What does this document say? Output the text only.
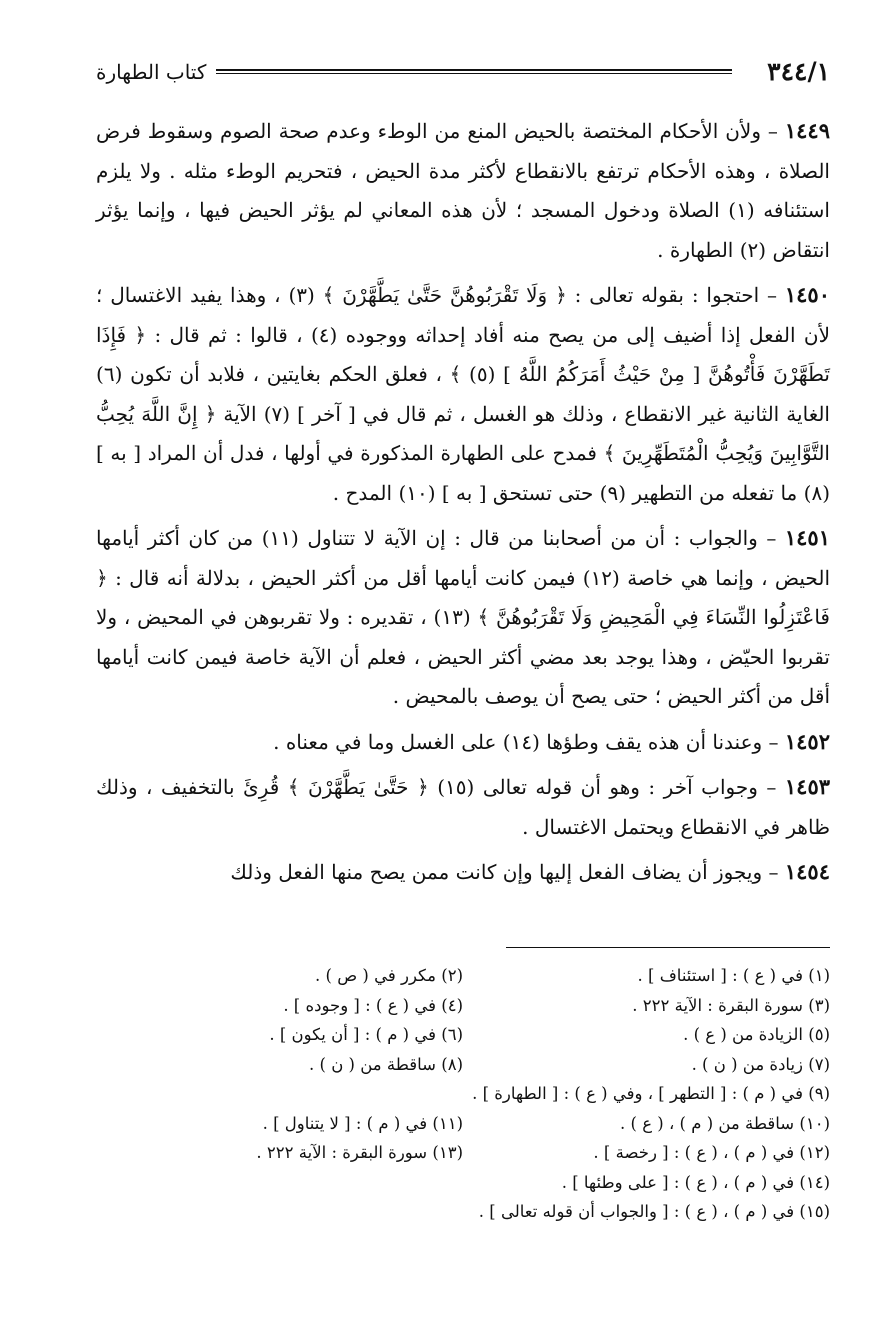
٣٤٤/١
كتاب الطهارة

١٤٤٩ – ولأن الأحكام المختصة بالحيض المنع من الوطء وعدم صحة الصوم وسقوط فرض الصلاة ، وهذه الأحكام ترتفع بالانقطاع لأكثر مدة الحيض ، فتحريم الوطء مثله . ولا يلزم استئنافه (١) الصلاة ودخول المسجد ؛ لأن هذه المعاني لم يؤثر الحيض فيها ، وإنما يؤثر انتقاض (٢) الطهارة .

١٤٥٠ – احتجوا : بقوله تعالى : ﴿ وَلَا تَقْرَبُوهُنَّ حَتَّىٰ يَطَّهَّرْنَ ﴾ (٣) ، وهذا يفيد الاغتسال ؛ لأن الفعل إذا أضيف إلى من يصح منه أفاد إحداثه ووجوده (٤) ، قالوا : ثم قال : ﴿ فَإِذَا تَطَهَّرْنَ فَأْتُوهُنَّ [ مِنْ حَيْثُ أَمَرَكُمُ اللَّهُ ] (٥) ﴾ ، فعلق الحكم بغايتين ، فلابد أن تكون (٦) الغاية الثانية غير الانقطاع ، وذلك هو الغسل ، ثم قال في [ آخر ] (٧) الآية ﴿ إِنَّ اللَّهَ يُحِبُّ التَّوَّابِينَ وَيُحِبُّ الْمُتَطَهِّرِينَ ﴾ فمدح على الطهارة المذكورة في أولها ، فدل أن المراد [ به ] (٨) ما تفعله من التطهير (٩) حتى تستحق [ به ] (١٠) المدح .

١٤٥١ – والجواب : أن من أصحابنا من قال : إن الآية لا تتناول (١١) من كان أكثر أيامها الحيض ، وإنما هي خاصة (١٢) فيمن كانت أيامها أقل من أكثر الحيض ، بدلالة أنه قال : ﴿ فَاعْتَزِلُوا النِّسَاءَ فِي الْمَحِيضِ وَلَا تَقْرَبُوهُنَّ ﴾ (١٣) ، تقديره : ولا تقربوهن في المحيض ، ولا تقربوا الحيّض ، وهذا يوجد بعد مضي أكثر الحيض ، فعلم أن الآية خاصة فيمن كانت أيامها أقل من أكثر الحيض ؛ حتى يصح أن يوصف بالمحيض .

١٤٥٢ – وعندنا أن هذه يقف وطؤها (١٤) على الغسل وما في معناه .

١٤٥٣ – وجواب آخر : وهو أن قوله تعالى (١٥) ﴿ حَتَّىٰ يَطَّهَّرْنَ ﴾ قُرِئَ بالتخفيف ، وذلك ظاهر في الانقطاع ويحتمل الاغتسال .

١٤٥٤ – ويجوز أن يضاف الفعل إليها وإن كانت ممن يصح منها الفعل وذلك

(١) في ( ع ) : [ استئناف ] .
(٢) مكرر في ( ص ) .
(٣) سورة البقرة : الآية ٢٢٢ .
(٤) في ( ع ) : [ وجوده ] .
(٥) الزيادة من ( ع ) .
(٦) في ( م ) : [ أن يكون ] .
(٧) زيادة من ( ن ) .
(٨) ساقطة من ( ن ) .
(٩) في ( م ) : [ التطهر ] ، وفي ( ع ) : [ الطهارة ] .
(١٠) ساقطة من ( م ) ، ( ع ) .
(١١) في ( م ) : [ لا يتناول ] .
(١٢) في ( م ) ، ( ع ) : [ رخصة ] .
(١٣) سورة البقرة : الآية ٢٢٢ .
(١٤) في ( م ) ، ( ع ) : [ على وطئها ] .
(١٥) في ( م ) ، ( ع ) : [ والجواب أن قوله تعالى ] .
